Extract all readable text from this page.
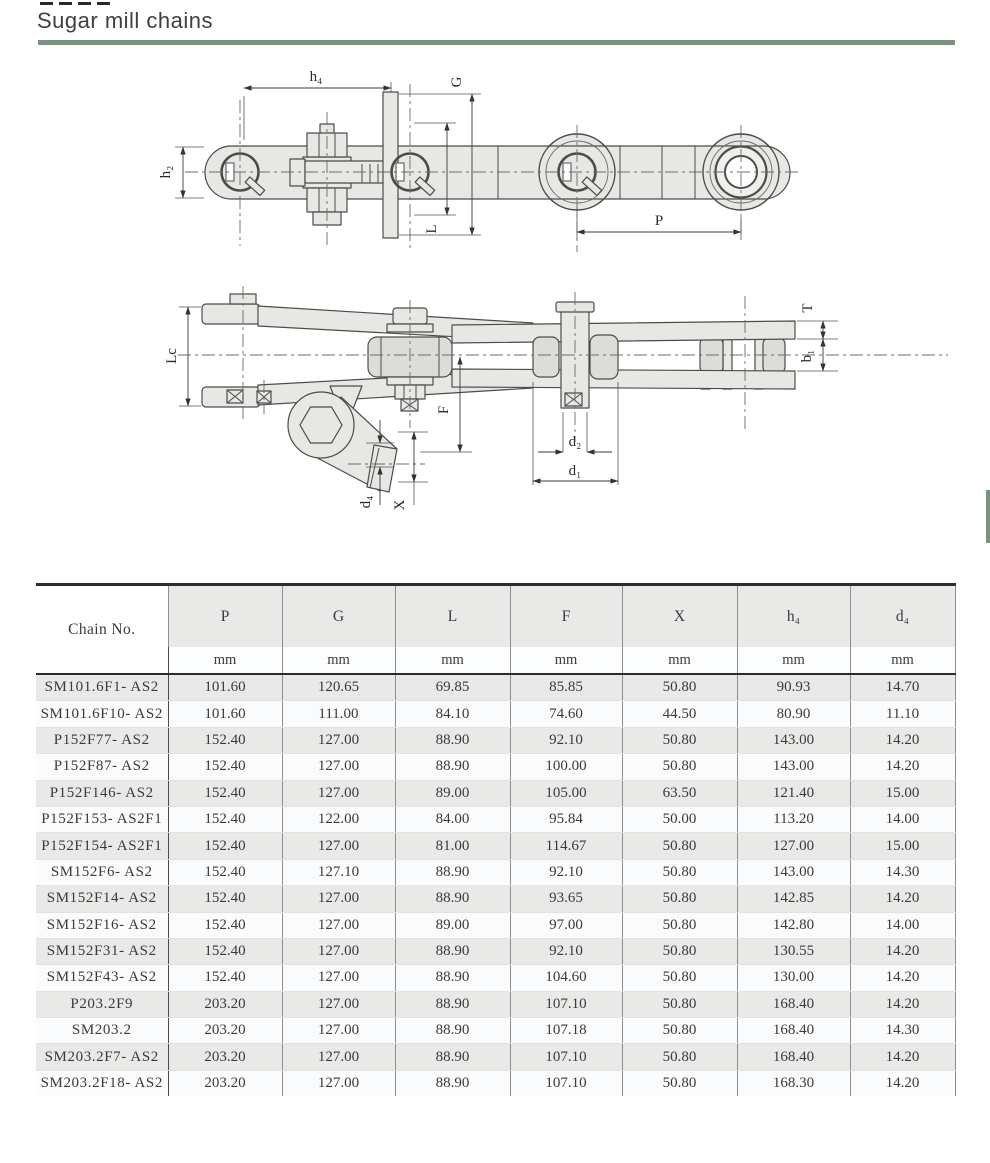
Sugar mill chains
h₂
h₄	G
L	P
Lc
F
d₄ X
d₂
d₁
T
b₁
Chain No.	P	G	L	F	X	h₄	d₄
	mm	mm	mm	mm	mm	mm	mm
SM101.6F1- AS2	101.60	120.65	69.85	85.85	50.80	90.93	14.70
SM101.6F10- AS2	101.60	111.00	84.10	74.60	44.50	80.90	11.10
P152F77- AS2	152.40	127.00	88.90	92.10	50.80	143.00	14.20
P152F87- AS2	152.40	127.00	88.90	100.00	50.80	143.00	14.20
P152F146- AS2	152.40	127.00	89.00	105.00	63.50	121.40	15.00
P152F153- AS2F1	152.40	122.00	84.00	95.84	50.00	113.20	14.00
P152F154- AS2F1	152.40	127.00	81.00	114.67	50.80	127.00	15.00
SM152F6- AS2	152.40	127.10	88.90	92.10	50.80	143.00	14.30
SM152F14- AS2	152.40	127.00	88.90	93.65	50.80	142.85	14.20
SM152F16- AS2	152.40	127.00	89.00	97.00	50.80	142.80	14.00
SM152F31- AS2	152.40	127.00	88.90	92.10	50.80	130.55	14.20
SM152F43- AS2	152.40	127.00	88.90	104.60	50.80	130.00	14.20
P203.2F9	203.20	127.00	88.90	107.10	50.80	168.40	14.20
SM203.2	203.20	127.00	88.90	107.18	50.80	168.40	14.30
SM203.2F7- AS2	203.20	127.00	88.90	107.10	50.80	168.40	14.20
SM203.2F18- AS2	203.20	127.00	88.90	107.10	50.80	168.30	14.20
